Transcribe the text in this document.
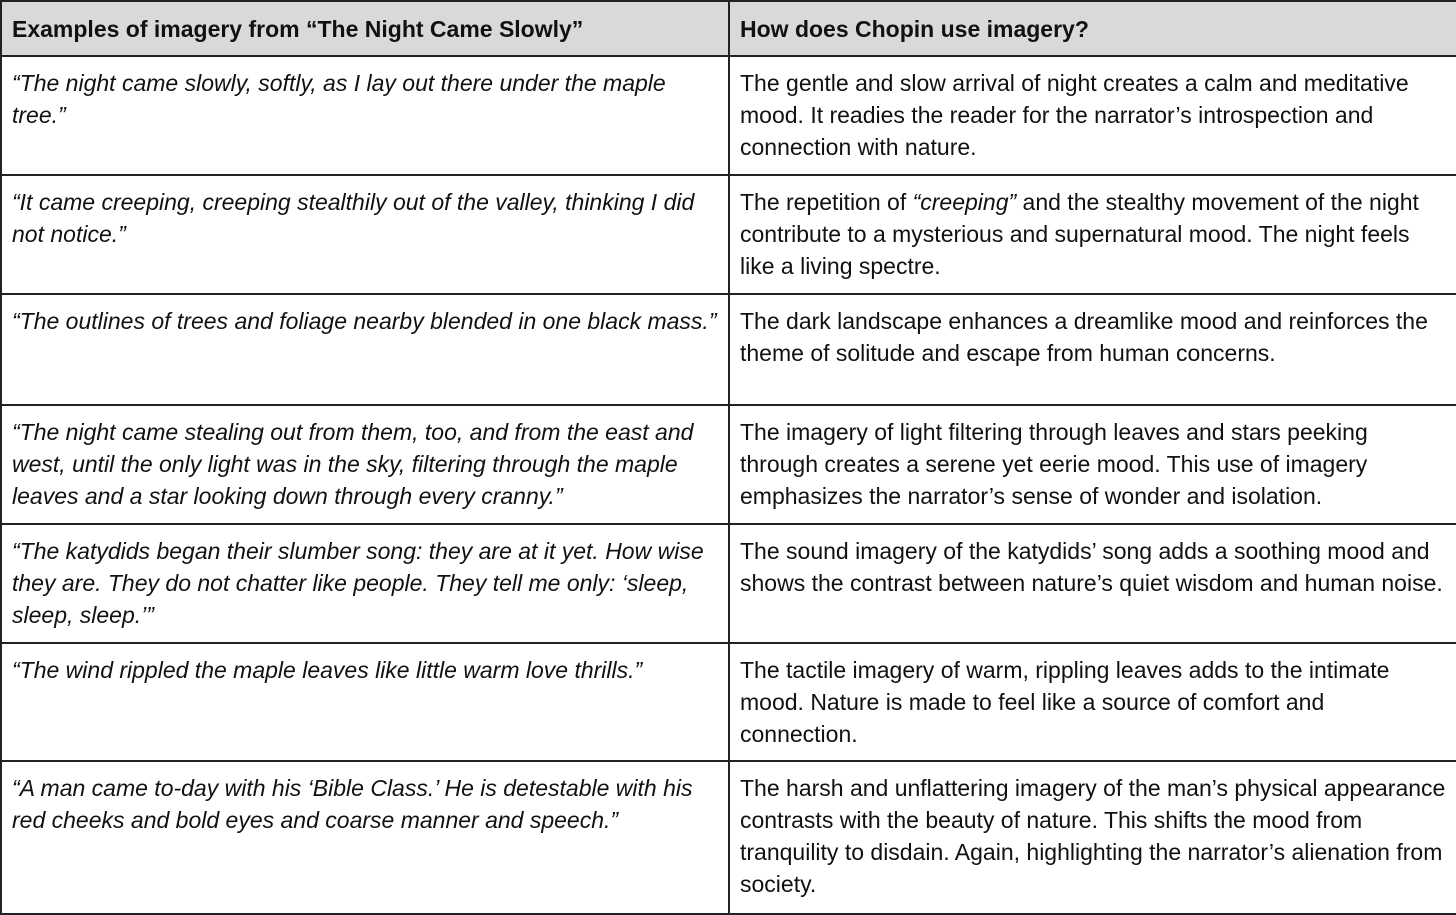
Examples of imagery from “The Night Came Slowly”	How does Chopin use imagery?
“The night came slowly, softly, as I lay out there under the maple tree.”	The gentle and slow arrival of night creates a calm and meditative mood. It readies the reader for the narrator’s introspection and connection with nature.
“It came creeping, creeping stealthily out of the valley, thinking I did not notice.”	The repetition of “creeping” and the stealthy movement of the night contribute to a mysterious and supernatural mood. The night feels like a living spectre.
“The outlines of trees and foliage nearby blended in one black mass.”	The dark landscape enhances a dreamlike mood and reinforces the theme of solitude and escape from human concerns.
“The night came stealing out from them, too, and from the east and west, until the only light was in the sky, filtering through the maple leaves and a star looking down through every cranny.”	The imagery of light filtering through leaves and stars peeking through creates a serene yet eerie mood. This use of imagery emphasizes the narrator’s sense of wonder and isolation.
“The katydids began their slumber song: they are at it yet. How wise they are. They do not chatter like people. They tell me only: ‘sleep, sleep, sleep.’”	The sound imagery of the katydids’ song adds a soothing mood and shows the contrast between nature’s quiet wisdom and human noise.
“The wind rippled the maple leaves like little warm love thrills.”	The tactile imagery of warm, rippling leaves adds to the intimate mood. Nature is made to feel like a source of comfort and connection.
“A man came to-day with his ‘Bible Class.’ He is detestable with his red cheeks and bold eyes and coarse manner and speech.”	The harsh and unflattering imagery of the man’s physical appearance contrasts with the beauty of nature. This shifts the mood from tranquility to disdain. Again, highlighting the narrator’s alienation from society.
